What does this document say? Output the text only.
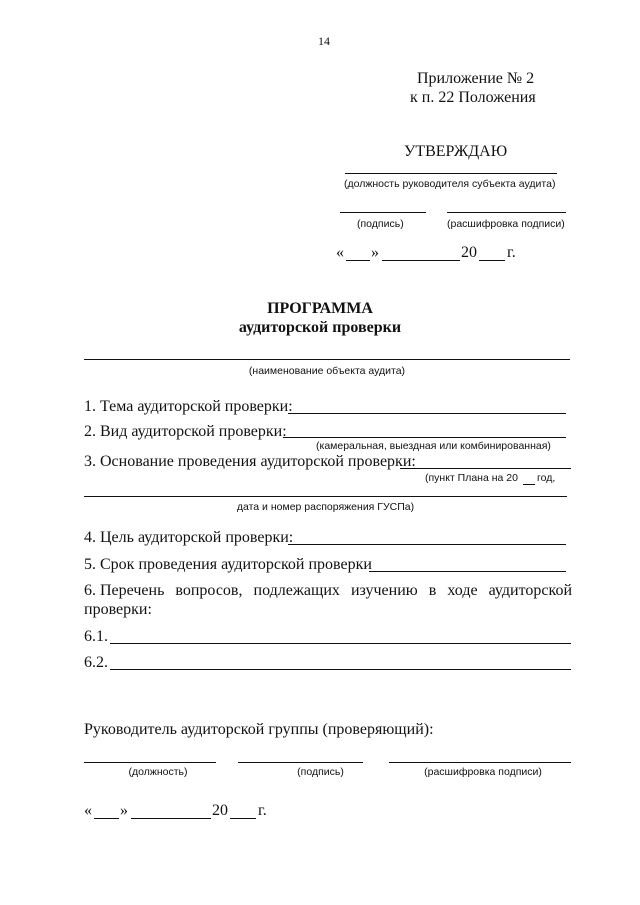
14
Приложение № 2
к п. 22 Положения
УТВЕРЖДАЮ
(должность руководителя субъекта аудита)
(подпись)	(расшифровка подписи)
« »	20 г.
ПРОГРАММА
аудиторской проверки
(наименование объекта аудита)
1. Тема аудиторской проверки:
2. Вид аудиторской проверки:
(камеральная, выездная или комбинированная)
3. Основание проведения аудиторской проверки:
(пункт Плана на 20 год,
дата и номер распоряжения ГУСПа)
4. Цель аудиторской проверки:
5. Срок проведения аудиторской проверки
6. Перечень вопросов, подлежащих изучению в ходе аудиторской
проверки:
6.1.
6.2.
Руководитель аудиторской группы (проверяющий):
(должность)	(подпись)	(расшифровка подписи)
« »	20 г.
